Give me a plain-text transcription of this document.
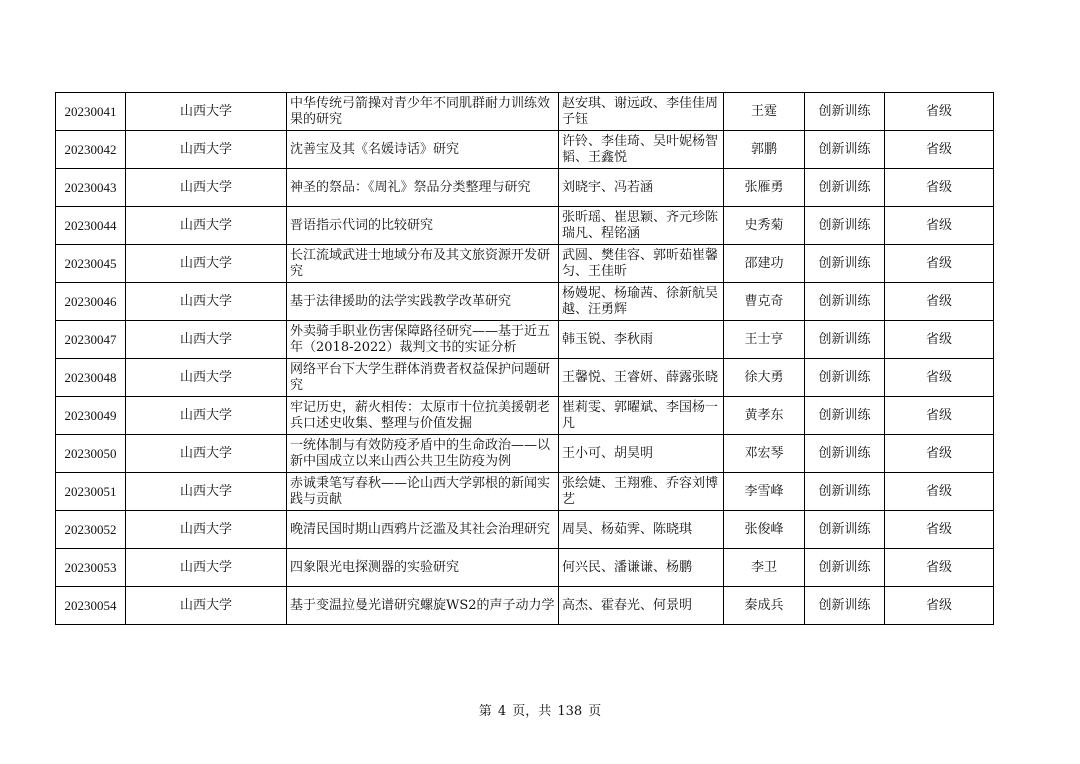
20230041	山西大学	中华传统弓箭操对青少年不同肌群耐力训练效果的研究	赵安琪、谢远政、李佳佳周子钰	王霆	创新训练	省级
20230042	山西大学	沈善宝及其《名媛诗话》研究	许铃、李佳琦、吴叶妮杨智韬、王鑫悦	郭鹏	创新训练	省级
20230043	山西大学	神圣的祭品：《周礼》祭品分类整理与研究	刘晓宇、冯若涵	张雁勇	创新训练	省级
20230044	山西大学	晋语指示代词的比较研究	张昕瑶、崔思颖、齐元珍陈瑞凡、程铭涵	史秀菊	创新训练	省级
20230045	山西大学	长江流域武进士地域分布及其文旅资源开发研究	武圆、樊佳容、郭昕茹崔馨匀、王佳昕	邵建功	创新训练	省级
20230046	山西大学	基于法律援助的法学实践教学改革研究	杨嫚坭、杨瑜茜、徐新航吴越、汪勇辉	曹克奇	创新训练	省级
20230047	山西大学	外卖骑手职业伤害保障路径研究——基于近五年（2018-2022）裁判文书的实证分析	韩玉锐、李秋雨	王士亨	创新训练	省级
20230048	山西大学	网络平台下大学生群体消费者权益保护问题研究	王馨悦、王睿妍、薛露张晓	徐大勇	创新训练	省级
20230049	山西大学	牢记历史，薪火相传：太原市十位抗美援朝老兵口述史收集、整理与价值发掘	崔莉雯、郭曜斌、李国杨一凡	黄孝东	创新训练	省级
20230050	山西大学	一统体制与有效防疫矛盾中的生命政治——以新中国成立以来山西公共卫生防疫为例	王小可、胡昊明	邓宏琴	创新训练	省级
20230051	山西大学	赤诚秉笔写春秋——论山西大学郭根的新闻实践与贡献	张绘婕、王翔雅、乔容刘博艺	李雪峰	创新训练	省级
20230052	山西大学	晚清民国时期山西鸦片泛滥及其社会治理研究	周昊、杨茹霁、陈晓琪	张俊峰	创新训练	省级
20230053	山西大学	四象限光电探测器的实验研究	何兴民、潘谦谦、杨鹏	李卫	创新训练	省级
20230054	山西大学	基于变温拉曼光谱研究螺旋WS2的声子动力学	高杰、霍春光、何景明	秦成兵	创新训练	省级
第 4 页，共 138 页
